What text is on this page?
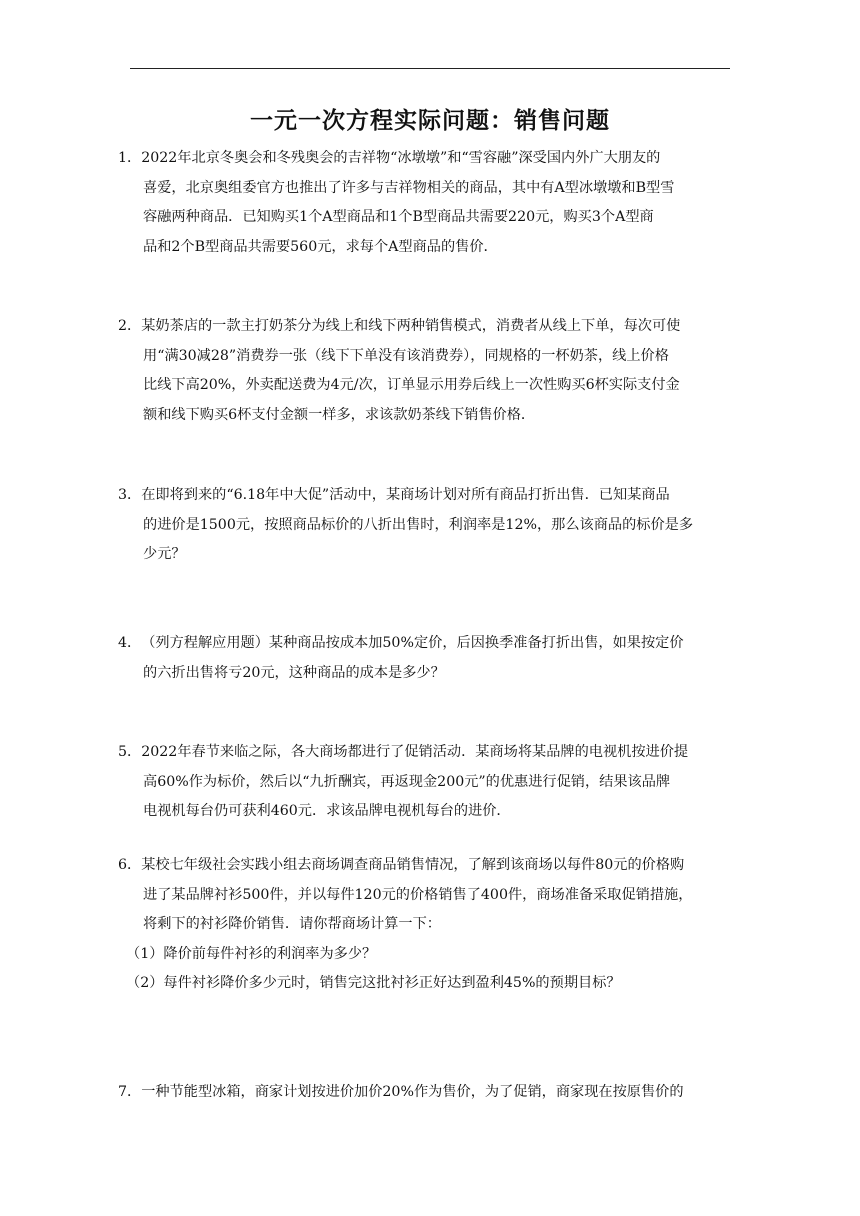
一元一次方程实际问题：销售问题
1．2022年北京冬奥会和冬残奥会的吉祥物“冰墩墩”和“雪容融”深受国内外广大朋友的
喜爱，北京奥组委官方也推出了许多与吉祥物相关的商品，其中有A型冰墩墩和B型雪
容融两种商品．已知购买1个A型商品和1个B型商品共需要220元，购买3个A型商
品和2个B型商品共需要560元，求每个A型商品的售价．
2．某奶茶店的一款主打奶茶分为线上和线下两种销售模式，消费者从线上下单，每次可使
用“满30减28”消费券一张（线下下单没有该消费券），同规格的一杯奶茶，线上价格
比线下高20%，外卖配送费为4元/次，订单显示用券后线上一次性购买6杯实际支付金
额和线下购买6杯支付金额一样多，求该款奶茶线下销售价格．
3．在即将到来的“6.18年中大促”活动中，某商场计划对所有商品打折出售．已知某商品
的进价是1500元，按照商品标价的八折出售时，利润率是12%，那么该商品的标价是多
少元？
4．（列方程解应用题）某种商品按成本加50%定价，后因换季准备打折出售，如果按定价
的六折出售将亏20元，这种商品的成本是多少？
5．2022年春节来临之际，各大商场都进行了促销活动．某商场将某品牌的电视机按进价提
高60%作为标价，然后以“九折酬宾，再返现金200元”的优惠进行促销，结果该品牌
电视机每台仍可获利460元．求该品牌电视机每台的进价．
6．某校七年级社会实践小组去商场调查商品销售情况，了解到该商场以每件80元的价格购
进了某品牌衬衫500件，并以每件120元的价格销售了400件，商场准备采取促销措施，
将剩下的衬衫降价销售．请你帮商场计算一下：
（1）降价前每件衬衫的利润率为多少？
（2）每件衬衫降价多少元时，销售完这批衬衫正好达到盈利45%的预期目标？
7．一种节能型冰箱，商家计划按进价加价20%作为售价，为了促销，商家现在按原售价的
